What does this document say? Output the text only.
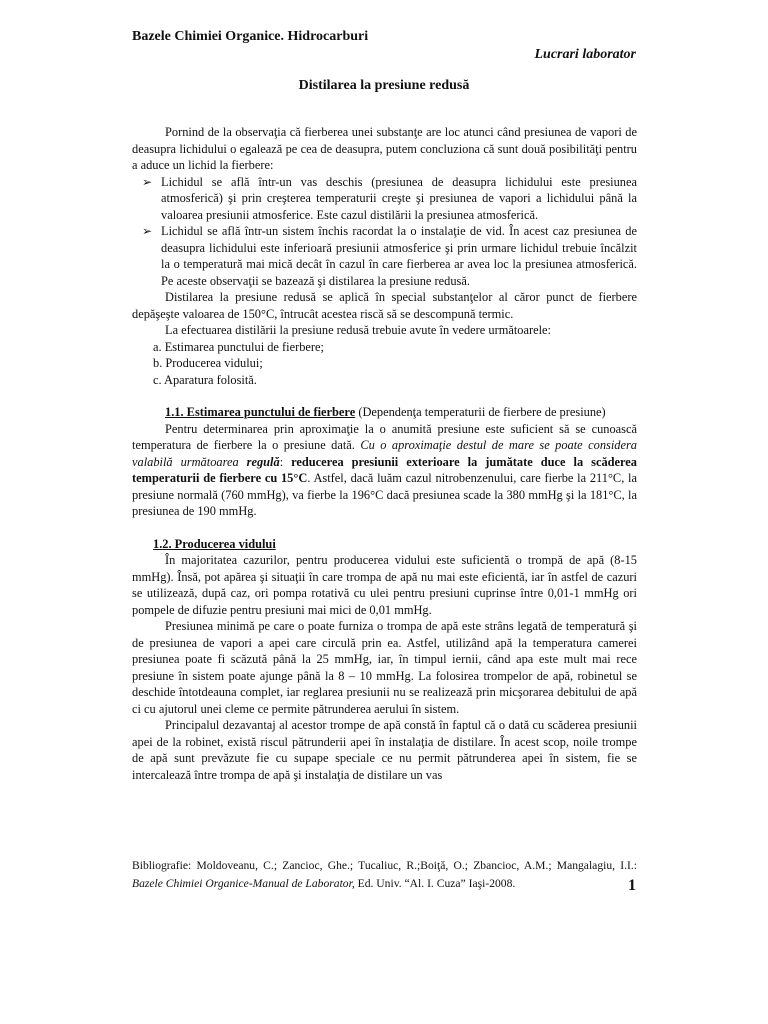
Bazele Chimiei Organice. Hidrocarburi
Lucrari laborator
Distilarea la presiune redusă

Pornind de la observaţia că fierberea unei substanţe are loc atunci când presiunea de vapori de deasupra lichidului o egalează pe cea de deasupra, putem concluziona că sunt două posibilităţi pentru a aduce un lichid la fierbere:

➢ Lichidul se află într-un vas deschis (presiunea de deasupra lichidului este presiunea atmosferică) şi prin creşterea temperaturii creşte şi presiunea de vapori a lichidului până la valoarea presiunii atmosferice. Este cazul distilării la presiunea atmosferică.
➢ Lichidul se află într-un sistem închis racordat la o instalaţie de vid. În acest caz presiunea de deasupra lichidului este inferioară presiunii atmosferice şi prin urmare lichidul trebuie încălzit la o temperatură mai mică decât în cazul în care fierberea ar avea loc la presiunea atmosferică. Pe aceste observaţii se bazează şi distilarea la presiune redusă.

Distilarea la presiune redusă se aplică în special substanţelor al căror punct de fierbere depăşeşte valoarea de 150°C, întrucât acestea riscă să se descompună termic.

La efectuarea distilării la presiune redusă trebuie avute în vedere următoarele:

a. Estimarea punctului de fierbere;
b. Producerea vidului;
c. Aparatura folosită.

1.1. Estimarea punctului de fierbere (Dependenţa temperaturii de fierbere de presiune)

Pentru determinarea prin aproximaţie la o anumită presiune este suficient să se cunoască temperatura de fierbere la o presiune dată. Cu o aproximaţie destul de mare se poate considera valabilă următoarea regulă: reducerea presiunii exterioare la jumătate duce la scăderea temperaturii de fierbere cu 15°C. Astfel, dacă luăm cazul nitrobenzenului, care fierbe la 211°C, la presiune normală (760 mmHg), va fierbe la 196°C dacă presiunea scade la 380 mmHg şi la 181°C, la presiunea de 190 mmHg.

1.2. Producerea vidului

În majoritatea cazurilor, pentru producerea vidului este suficientă o trompă de apă (8-15 mmHg). Însă, pot apărea şi situaţii în care trompa de apă nu mai este eficientă, iar în astfel de cazuri se utilizează, după caz, ori pompa rotativă cu ulei pentru presiuni cuprinse între 0,01-1 mmHg ori pompele de difuzie pentru presiuni mai mici de 0,01 mmHg.

Presiunea minimă pe care o poate furniza o trompa de apă este strâns legată de temperatură şi de presiunea de vapori a apei care circulă prin ea. Astfel, utilizând apă la temperatura camerei presiunea poate fi scăzută până la 25 mmHg, iar, în timpul iernii, când apa este mult mai rece presiune în sistem poate ajunge până la 8 – 10 mmHg. La folosirea trompelor de apă, robinetul se deschide întotdeauna complet, iar reglarea presiunii nu se realizează prin micşorarea debitului de apă ci cu ajutorul unei cleme ce permite pătrunderea aerului în sistem.

Principalul dezavantaj al acestor trompe de apă constă în faptul că o dată cu scăderea presiunii apei de la robinet, există riscul pătrunderii apei în instalaţia de distilare. În acest scop, noile trompe de apă sunt prevăzute fie cu supape speciale ce nu permit pătrunderea apei în sistem, fie se intercalează între trompa de apă şi instalaţia de distilare un vas

Bibliografie: Moldoveanu, C.; Zancioc, Ghe.; Tucaliuc, R.;Boiţă, O.; Zbancioc, A.M.; Mangalagiu, I.I.: Bazele Chimiei Organice-Manual de Laborator, Ed. Univ. “Al. I. Cuza” Iaşi-2008.	1
